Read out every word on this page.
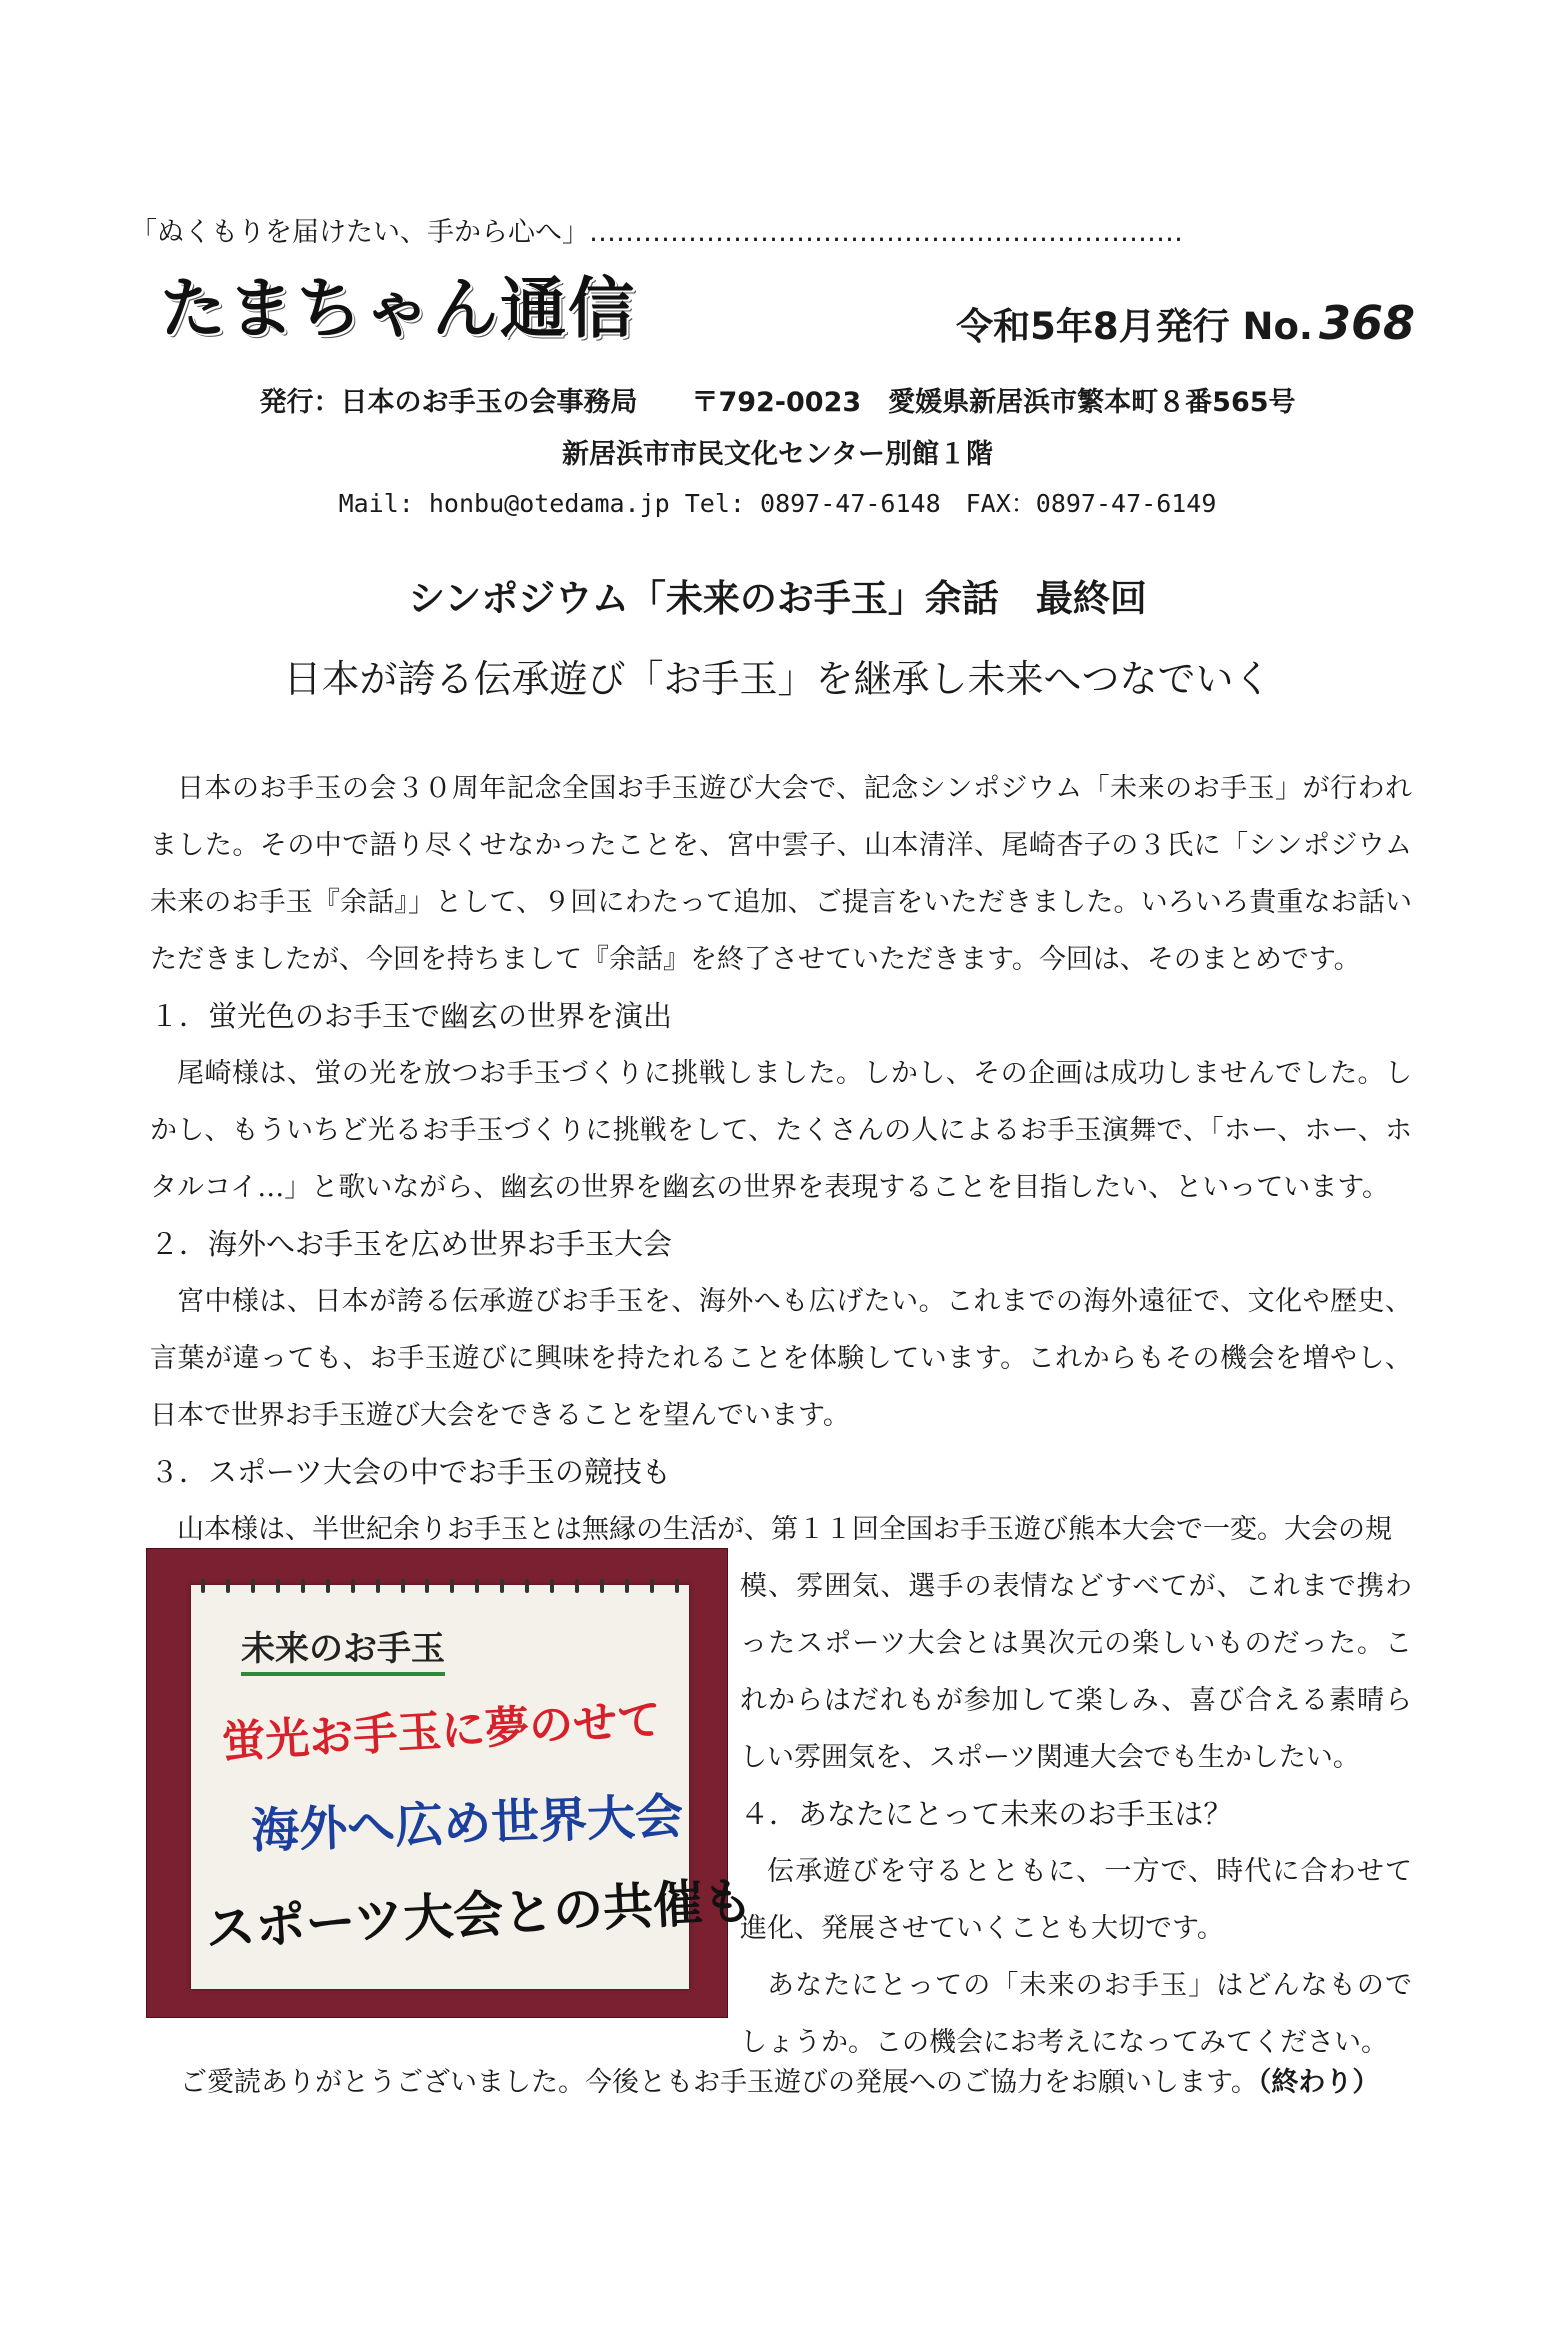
「ぬくもりを届けたい、手から心へ」…………………………………………………………
たまちゃん通信	令和5年8月発行 No. 368
発行：日本のお手玉の会事務局　　〒792-0023　愛媛県新居浜市繁本町８番565号
新居浜市市民文化センター別館１階
Mail: honbu@otedama.jp Tel: 0897-47-6148　FAX：0897-47-6149
シンポジウム「未来のお手玉」余話　最終回
日本が誇る伝承遊び「お手玉」を継承し未来へつなでいく

日本のお手玉の会３０周年記念全国お手玉遊び大会で、記念シンポジウム「未来のお手玉」が行われました。その中で語り尽くせなかったことを、宮中雲子、山本清洋、尾崎杏子の３氏に「シンポジウム未来のお手玉『余話』」として、９回にわたって追加、ご提言をいただきました。いろいろ貴重なお話いただきましたが、今回を持ちまして『余話』を終了させていただきます。今回は、そのまとめです。

１．蛍光色のお手玉で幽玄の世界を演出

尾崎様は、蛍の光を放つお手玉づくりに挑戦しました。しかし、その企画は成功しませんでした。しかし、もういちど光るお手玉づくりに挑戦をして、たくさんの人によるお手玉演舞で、「ホー、ホー、ホタルコイ…」と歌いながら、幽玄の世界を幽玄の世界を表現することを目指したい、といっています。

２．海外へお手玉を広め世界お手玉大会

宮中様は、日本が誇る伝承遊びお手玉を、海外へも広げたい。これまでの海外遠征で、文化や歴史、言葉が違っても、お手玉遊びに興味を持たれることを体験しています。これからもその機会を増やし、日本で世界お手玉遊び大会をできることを望んでいます。

３．スポーツ大会の中でお手玉の競技も

山本様は、半世紀余りお手玉とは無縁の生活が、第１１回全国お手玉遊び熊本大会で一変。大会の規

模、雰囲気、選手の表情などすべてが、これまで携わったスポーツ大会とは異次元の楽しいものだった。これからはだれもが参加して楽しみ、喜び合える素晴らしい雰囲気を、スポーツ関連大会でも生かしたい。

４．あなたにとって未来のお手玉は？

伝承遊びを守るとともに、一方で、時代に合わせて進化、発展させていくことも大切です。

あなたにとっての「未来のお手玉」はどんなものでしょうか。この機会にお考えになってみてください。

未来のお手玉
蛍光お手玉に夢のせて
海外へ広め世界大会
スポーツ大会との共催も
ご愛読ありがとうございました。今後ともお手玉遊びの発展へのご協力をお願いします。（終わり）
